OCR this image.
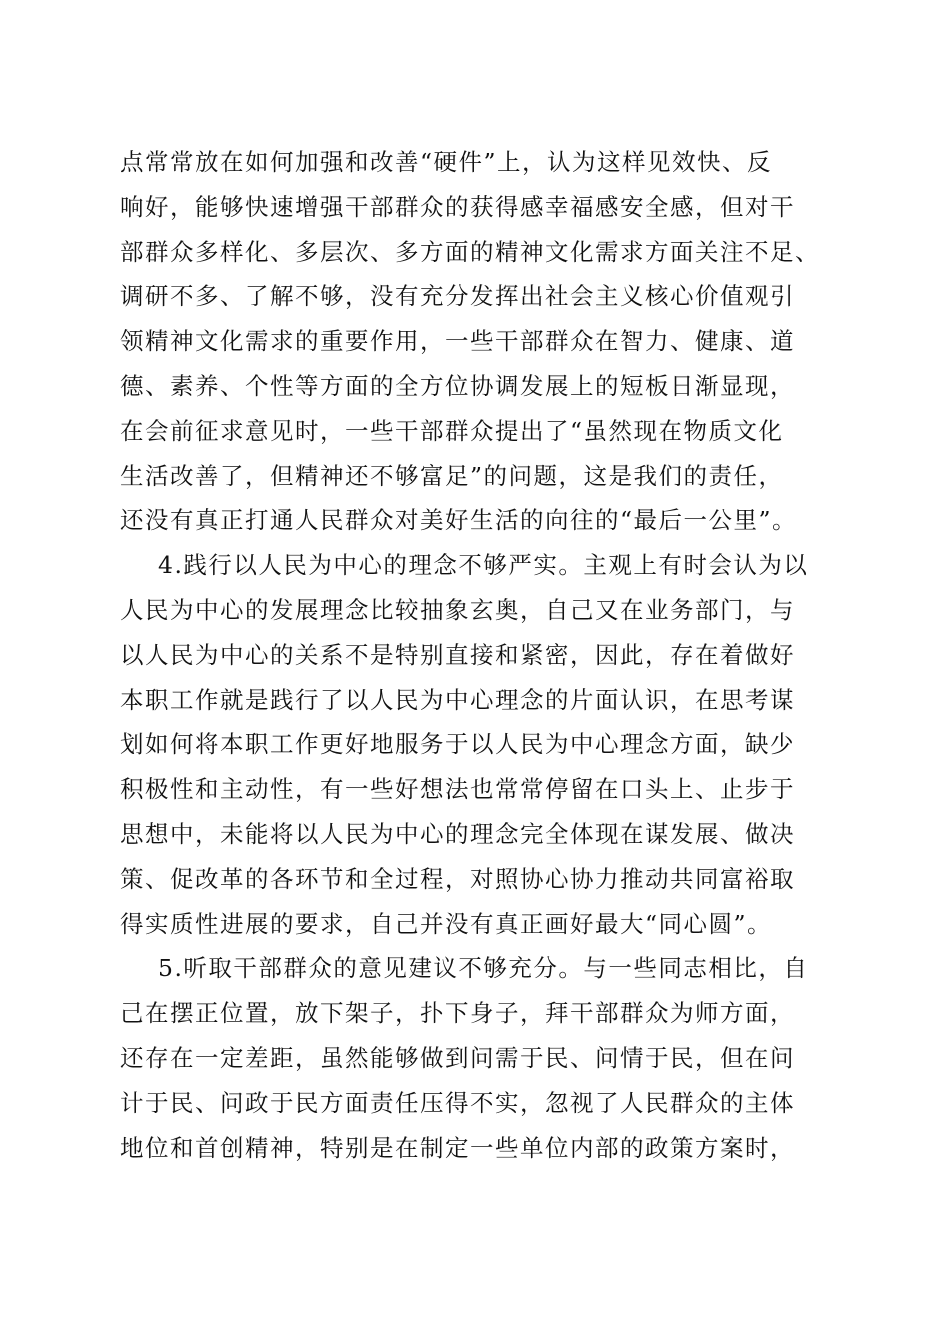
点常常放在如何加强和改善“硬件”上，认为这样见效快、反
响好，能够快速增强干部群众的获得感幸福感安全感，但对干
部群众多样化、多层次、多方面的精神文化需求方面关注不足、
调研不多、了解不够，没有充分发挥出社会主义核心价值观引
领精神文化需求的重要作用，一些干部群众在智力、健康、道
德、素养、个性等方面的全方位协调发展上的短板日渐显现，
在会前征求意见时，一些干部群众提出了“虽然现在物质文化
生活改善了，但精神还不够富足”的问题，这是我们的责任，
还没有真正打通人民群众对美好生活的向往的“最后一公里”。
4.践行以人民为中心的理念不够严实。主观上有时会认为以
人民为中心的发展理念比较抽象玄奥，自己又在业务部门，与
以人民为中心的关系不是特别直接和紧密，因此，存在着做好
本职工作就是践行了以人民为中心理念的片面认识，在思考谋
划如何将本职工作更好地服务于以人民为中心理念方面，缺少
积极性和主动性，有一些好想法也常常停留在口头上、止步于
思想中，未能将以人民为中心的理念完全体现在谋发展、做决
策、促改革的各环节和全过程，对照协心协力推动共同富裕取
得实质性进展的要求，自己并没有真正画好最大“同心圆”。
5.听取干部群众的意见建议不够充分。与一些同志相比，自
己在摆正位置，放下架子，扑下身子，拜干部群众为师方面，
还存在一定差距，虽然能够做到问需于民、问情于民，但在问
计于民、问政于民方面责任压得不实，忽视了人民群众的主体
地位和首创精神，特别是在制定一些单位内部的政策方案时，
